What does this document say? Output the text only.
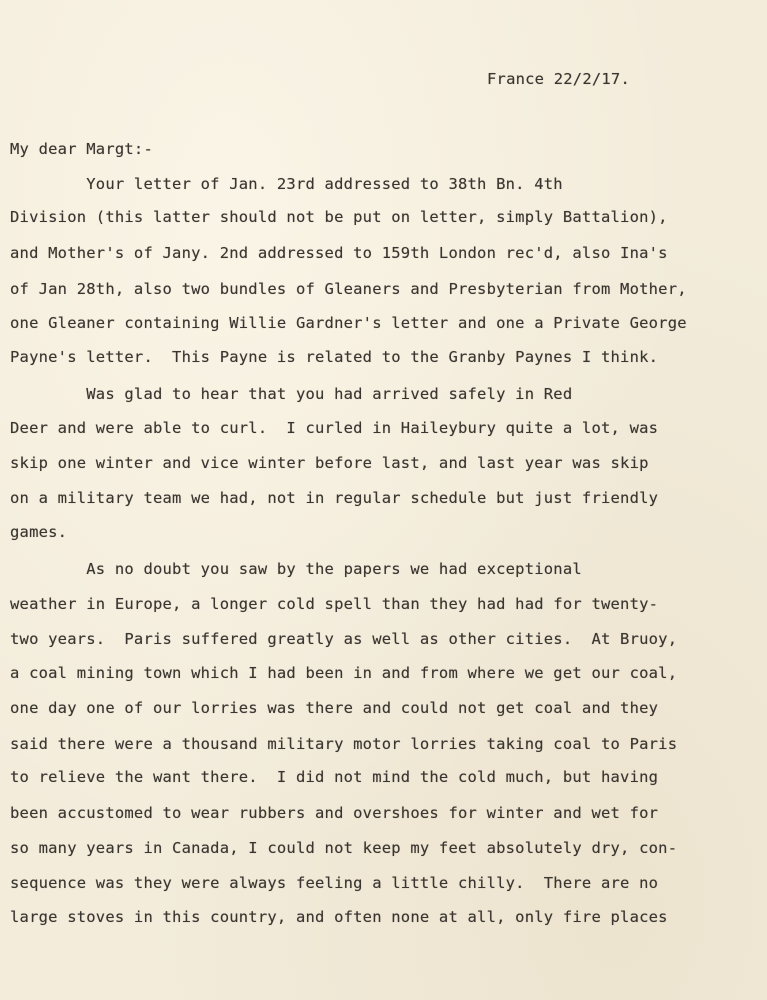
France 22/2/17.
My dear Margt:-
Your letter of Jan. 23rd addressed to 38th Bn. 4th
Division (this latter should not be put on letter, simply Battalion),
and Mother's of Jany. 2nd addressed to 159th London rec'd, also Ina's
of Jan 28th, also two bundles of Gleaners and Presbyterian from Mother,
one Gleaner containing Willie Gardner's letter and one a Private George
Payne's letter.  This Payne is related to the Granby Paynes I think.
Was glad to hear that you had arrived safely in Red
Deer and were able to curl.  I curled in Haileybury quite a lot, was
skip one winter and vice winter before last, and last year was skip
on a military team we had, not in regular schedule but just friendly
games.
As no doubt you saw by the papers we had exceptional
weather in Europe, a longer cold spell than they had had for twenty-
two years.  Paris suffered greatly as well as other cities.  At Bruoy,
a coal mining town which I had been in and from where we get our coal,
one day one of our lorries was there and could not get coal and they
said there were a thousand military motor lorries taking coal to Paris
to relieve the want there.  I did not mind the cold much, but having
been accustomed to wear rubbers and overshoes for winter and wet for
so many years in Canada, I could not keep my feet absolutely dry, con-
sequence was they were always feeling a little chilly.  There are no
large stoves in this country, and often none at all, only fire places
